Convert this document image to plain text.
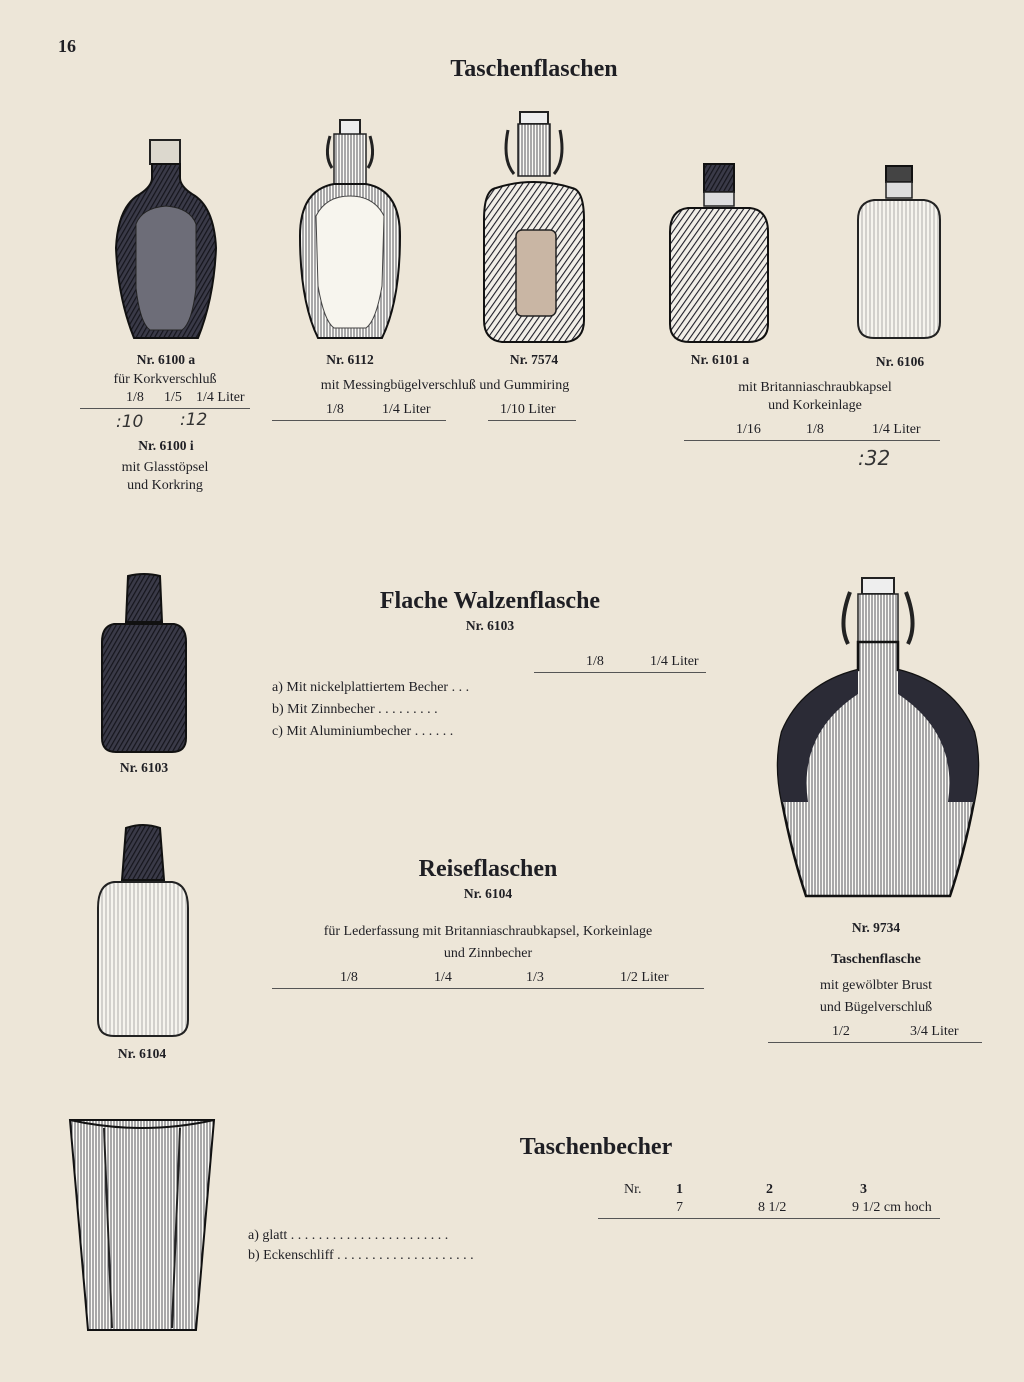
16
Taschenflaschen
Nr. 6100 a
für Korkverschluß
1/8 1/5 1/4 Liter
:10 :12
Nr. 6100 i
mit Glasstöpsel
und Korkring
Nr. 6112	Nr. 7574
mit Messingbügelverschluß und Gummiring
1/8	1/4 Liter	1/10 Liter
Nr. 6101 a	Nr. 6106
mit Britanniaschraubkapsel
und Korkeinlage
1/16	1/8	1/4 Liter
:32
Nr. 6103
Flache Walzenflasche
Nr. 6103
1/8	1/4 Liter
a) Mit nickelplattiertem Becher . . .
b) Mit Zinnbecher . . . . . . . . .
c) Mit Aluminiumbecher . . . . . .
Nr. 9734
Taschenflasche
mit gewölbter Brust
und Bügelverschluß
1/2	3/4 Liter
Nr. 6104
Reiseflaschen
Nr. 6104
für Lederfassung mit Britanniaschraubkapsel, Korkeinlage
und Zinnbecher
1/8	1/4	1/3	1/2 Liter
Taschenbecher
Nr. 1	2	3
7	8 1/2	9 1/2 cm hoch
a) glatt . . . . . . . . . . . . . . . . . . . . . . .
b) Eckenschliff . . . . . . . . . . . . . . . . . . . .
